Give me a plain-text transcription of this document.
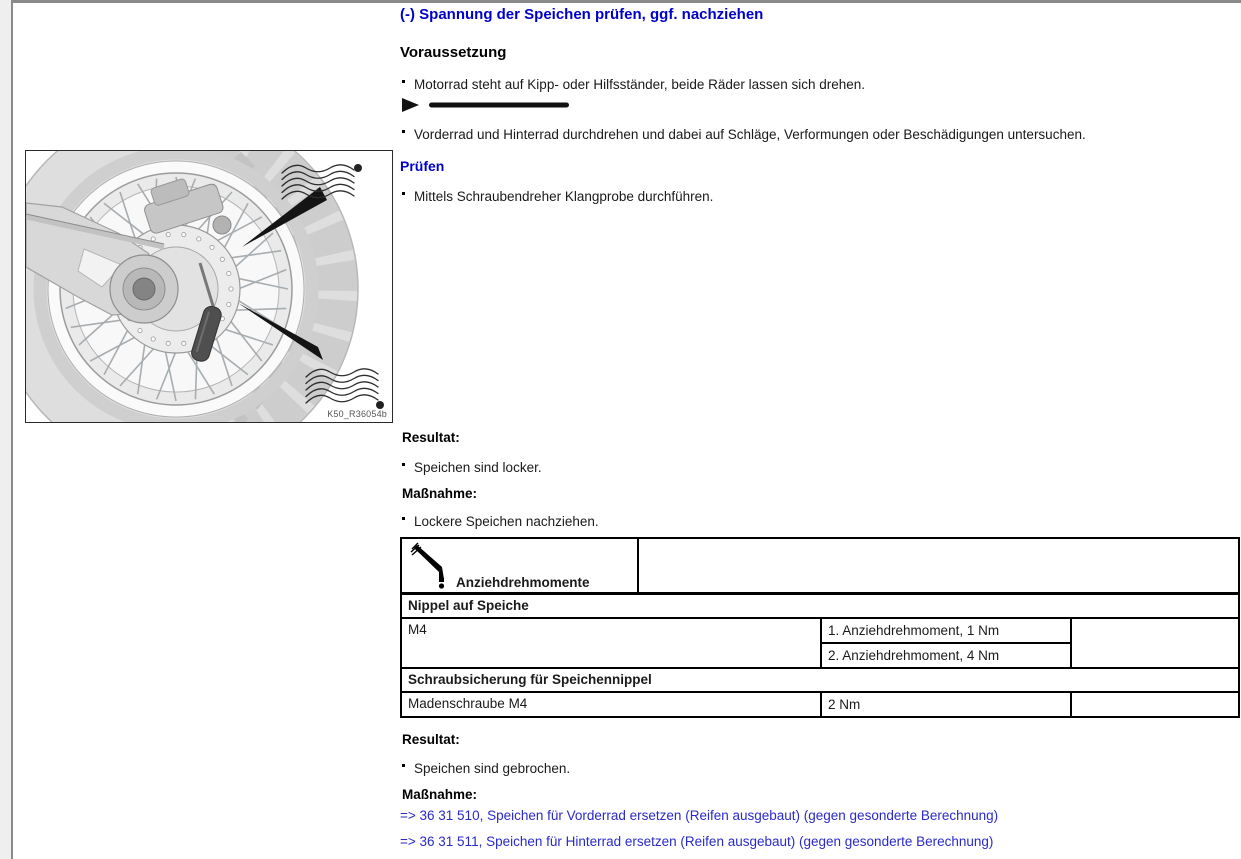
K50_R36054b
(-) Spannung der Speichen prüfen, ggf. nachziehen
Voraussetzung
Motorrad steht auf Kipp- oder Hilfsständer, beide Räder lassen sich drehen.
Vorderrad und Hinterrad durchdrehen und dabei auf Schläge, Verformungen oder Beschädigungen untersuchen.
Prüfen
Mittels Schraubendreher Klangprobe durchführen.
Resultat:
Speichen sind locker.
Maßnahme:
Lockere Speichen nachziehen.
Anziehdrehmomente			

Nippel auf Speiche			
M4		1. Anziehdrehmoment, 1 Nm	
		2. Anziehdrehmoment, 4 Nm	
Schraubsicherung für Speichennippel			
Madenschraube M4		2 Nm	
Resultat:
Speichen sind gebrochen.
Maßnahme:
=> 36 31 510, Speichen für Vorderrad ersetzen (Reifen ausgebaut) (gegen gesonderte Berechnung)
=> 36 31 511, Speichen für Hinterrad ersetzen (Reifen ausgebaut) (gegen gesonderte Berechnung)
